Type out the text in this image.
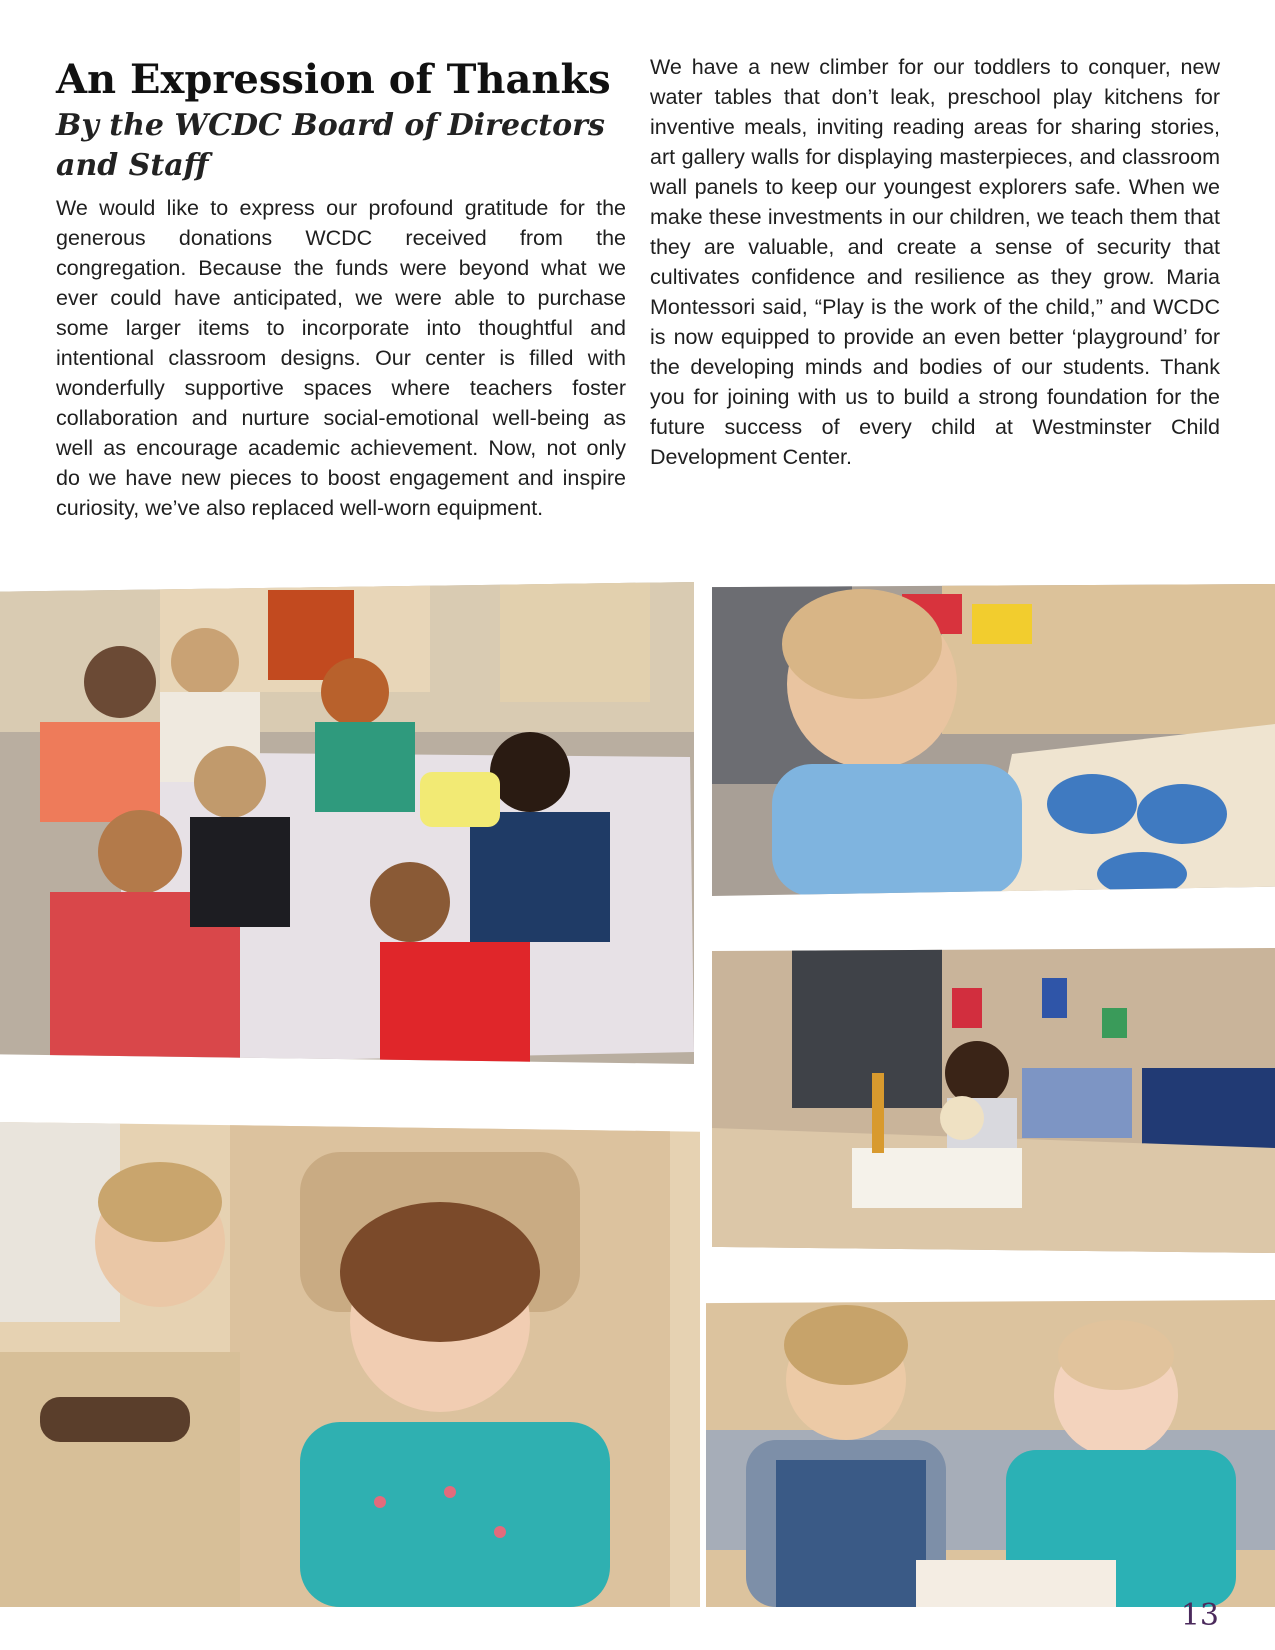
An Expression of Thanks
By the WCDC Board of Directors and Staff

We would like to express our profound gratitude for the generous donations WCDC received from the congregation. Because the funds were beyond what we ever could have anticipated, we were able to purchase some larger items to incorporate into thoughtful and intentional classroom designs. Our center is filled with wonderfully supportive spaces where teachers foster collaboration and nurture social-emotional well-being as well as encourage academic achievement. Now, not only do we have new pieces to boost engagement and inspire curiosity, we’ve also replaced well-worn equipment.

We have a new climber for our toddlers to conquer, new water tables that don’t leak, preschool play kitchens for inventive meals, inviting reading areas for sharing stories, art gallery walls for displaying masterpieces, and classroom wall panels to keep our youngest explorers safe. When we make these investments in our children, we teach them that they are valuable, and create a sense of security that cultivates confidence and resilience as they grow. Maria Montessori said, “Play is the work of the child,” and WCDC is now equipped to provide an even better ‘playground’ for the developing minds and bodies of our students. Thank you for joining with us to build a strong foundation for the future success of every child at Westminster Child Development Center.

13
